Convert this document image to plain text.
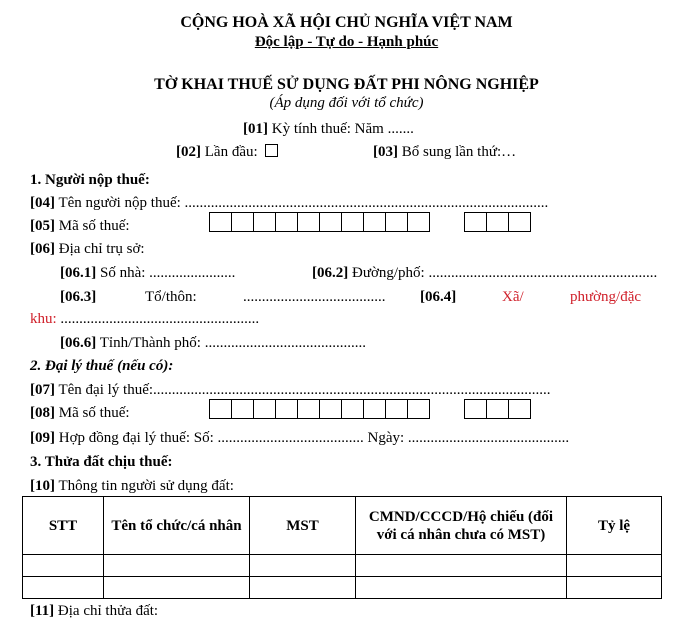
CỘNG HOÀ XÃ HỘI CHỦ NGHĨA VIỆT NAM
Độc lập - Tự do - Hạnh phúc
TỜ KHAI THUẾ SỬ DỤNG ĐẤT PHI NÔNG NGHIỆP
(Áp dụng đối với tổ chức)
[01] Kỳ tính thuế: Năm .......
[02] Lần đầu:	[03] Bổ sung lần thứ:…
1. Người nộp thuế:
[04] Tên người nộp thuế: .................................................................................................
[05] Mã số thuế:
[06] Địa chỉ trụ sở:
[06.1] Số nhà: .......................	[06.2] Đường/phố: .............................................................
[06.3]	Tổ/thôn:	...................................... [06.4]	Xã/	phường/đặc
khu: .....................................................
[06.6] Tỉnh/Thành phố: ...........................................
2. Đại lý thuế (nếu có):
[07] Tên đại lý thuế:..........................................................................................................
[08] Mã số thuế:
[09] Hợp đồng đại lý thuế: Số: ....................................... Ngày: ...........................................
3. Thửa đất chịu thuế:
[10] Thông tin người sử dụng đất:
STT	Tên tổ chức/cá nhân	MST	CMND/CCCD/Hộ chiếu (đối với cá nhân chưa có MST)	Tỷ lệ

[11] Địa chỉ thửa đất:
